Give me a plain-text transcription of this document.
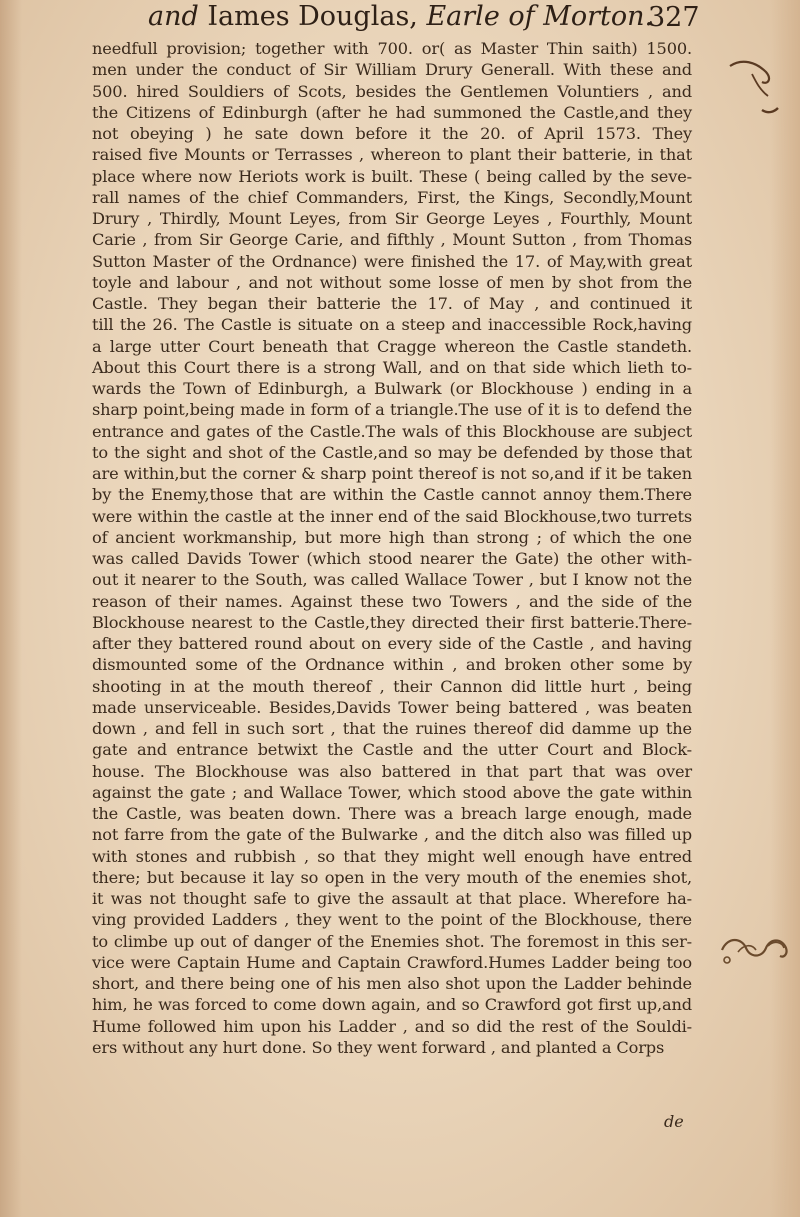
and Iames Douglas, Earle of Morton.
327
needfull provision; together with 700. or( as Master Thin saith) 1500.
men under the conduct of Sir William Drury Generall. With these and
500. hired Souldiers of Scots, besides the Gentlemen Voluntiers , and
the Citizens of Edinburgh (after he had summoned the Castle,and they
not obeying ) he sate down before it the 20. of April 1573. They
raised five Mounts or Terrasses , whereon to plant their batterie, in that
place where now Heriots work is built. These ( being called by the seve-
rall names of the chief Commanders, First, the Kings, Secondly,Mount
Drury , Thirdly, Mount Leyes, from Sir George Leyes , Fourthly, Mount
Carie , from Sir George Carie, and fifthly , Mount Sutton , from Thomas
Sutton Master of the Ordnance) were finished the 17. of May,with great
toyle and labour , and not without some losse of men by shot from the
Castle. They began their batterie the 17. of May , and continued it
till the 26. The Castle is situate on a steep and inaccessible Rock,having
a large utter Court beneath that Cragge whereon the Castle standeth.
About this Court there is a strong Wall, and on that side which lieth to-
wards the Town of Edinburgh, a Bulwark (or Blockhouse ) ending in a
sharp point,being made in form of a triangle.The use of it is to defend the
entrance and gates of the Castle.The wals of this Blockhouse are subject
to the sight and shot of the Castle,and so may be defended by those that
are within,but the corner & sharp point thereof is not so,and if it be taken
by the Enemy,those that are within the Castle cannot annoy them.There
were within the castle at the inner end of the said Blockhouse,two turrets
of ancient workmanship, but more high than strong ; of which the one
was called Davids Tower (which stood nearer the Gate) the other with-
out it nearer to the South, was called Wallace Tower , but I know not the
reason of their names. Against these two Towers , and the side of the
Blockhouse nearest to the Castle,they directed their first batterie.There-
after they battered round about on every side of the Castle , and having
dismounted some of the Ordnance within , and broken other some by
shooting in at the mouth thereof , their Cannon did little hurt , being
made unserviceable. Besides,Davids Tower being battered , was beaten
down , and fell in such sort , that the ruines thereof did damme up the
gate and entrance betwixt the Castle and the utter Court and Block-
house. The Blockhouse was also battered in that part that was over
against the gate ; and Wallace Tower, which stood above the gate within
the Castle, was beaten down. There was a breach large enough, made
not farre from the gate of the Bulwarke , and the ditch also was filled up
with stones and rubbish , so that they might well enough have entred
there; but because it lay so open in the very mouth of the enemies shot,
it was not thought safe to give the assault at that place. Wherefore ha-
ving provided Ladders , they went to the point of the Blockhouse, there
to climbe up out of danger of the Enemies shot. The foremost in this ser-
vice were Captain Hume and Captain Crawford.Humes Ladder being too
short, and there being one of his men also shot upon the Ladder behinde
him, he was forced to come down again, and so Crawford got first up,and
Hume followed him upon his Ladder , and so did the rest of the Souldi-
ers without any hurt done. So they went forward , and planted a Corps
de
